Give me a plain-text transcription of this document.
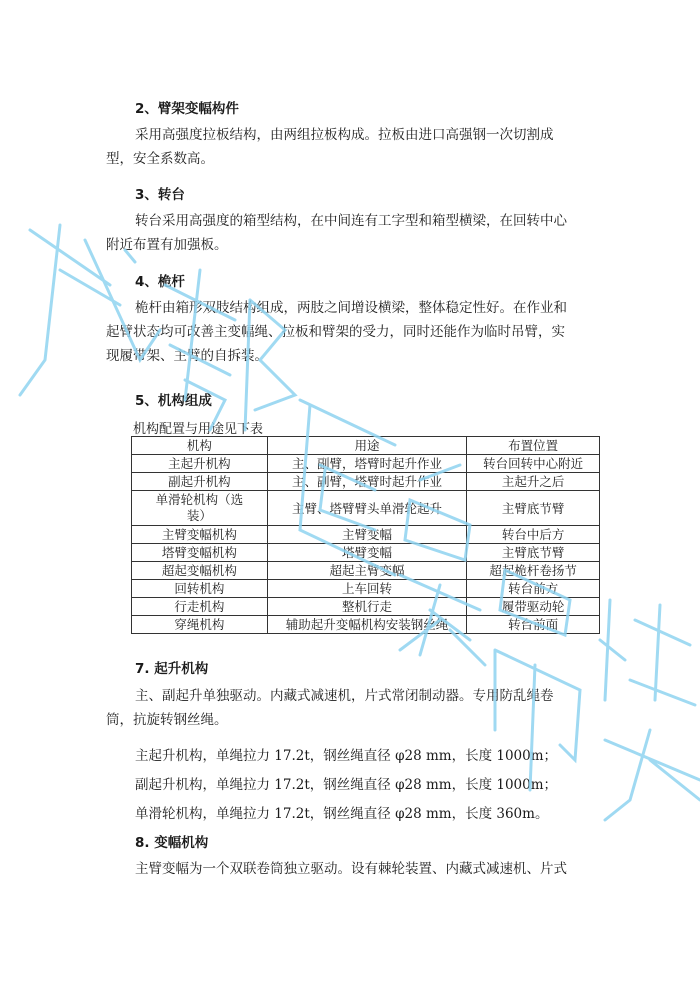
2、臂架变幅构件
采用高强度拉板结构，由两组拉板构成。拉板由进口高强钢一次切割成
型，安全系数高。
3、转台
转台采用高强度的箱型结构，在中间连有工字型和箱型横梁，在回转中心
附近布置有加强板。
4、桅杆
桅杆由箱形双肢结构组成，两肢之间增设横梁，整体稳定性好。在作业和
起臂状态均可改善主变幅绳、拉板和臂架的受力，同时还能作为临时吊臂，实
现履带架、主臂的自拆装。
5、机构组成
机构配置与用途见下表
机构	用途	布置位置
主起升机构	主、副臂，塔臂时起升作业	转台回转中心附近
副起升机构	主、副臂，塔臂时起升作业	主起升之后
单滑轮机构（选装）	主臂、塔臂臂头单滑轮起升	主臂底节臂
主臂变幅机构	主臂变幅	转台中后方
塔臂变幅机构	塔臂变幅	主臂底节臂
超起变幅机构	超起主臂变幅	超起桅杆卷扬节
回转机构	上车回转	转台前方
行走机构	整机行走	履带驱动轮
穿绳机构	辅助起升变幅机构安装钢丝绳	转台前面
7. 起升机构
主、副起升单独驱动。内藏式减速机，片式常闭制动器。专用防乱绳卷
筒，抗旋转钢丝绳。
主起升机构，单绳拉力 17.2t，钢丝绳直径 φ28 mm，长度 1000m；
副起升机构，单绳拉力 17.2t，钢丝绳直径 φ28 mm，长度 1000m；
单滑轮机构，单绳拉力 17.2t，钢丝绳直径 φ28 mm，长度 360m。
8. 变幅机构
主臂变幅为一个双联卷筒独立驱动。设有棘轮装置、内藏式减速机、片式
